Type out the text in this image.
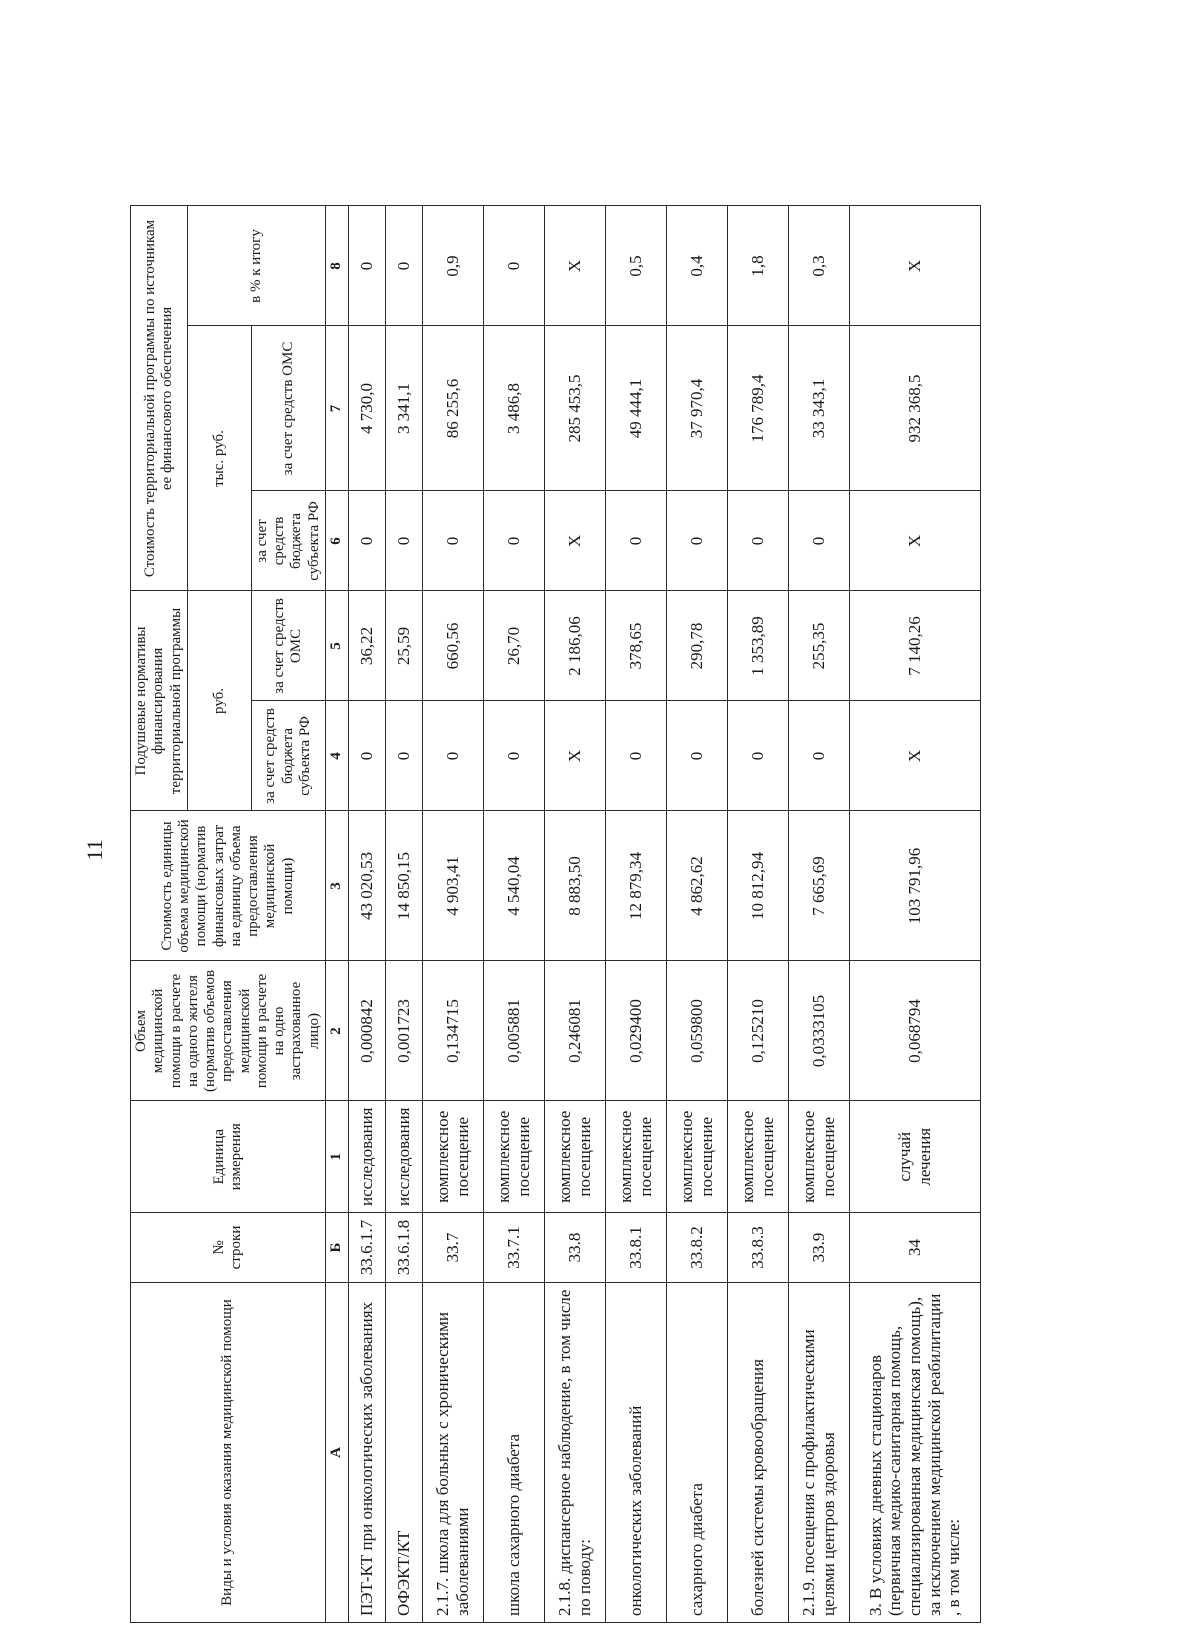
11
Виды и условия оказания медицинской помощи	№ строки	Единица измерения	Объем медицинской помощи в расчете на одного жителя (норматив объемов предоставления медицинской помощи в расчете на одно застрахованное лицо)	Стоимость единицы объема медицинской помощи (норматив финансовых затрат на единицу объема предоставления медицинской помощи)	Подушевые нормативы финансирования территориальной программы		Стоимость территориальной программы по источникам ее финансового обеспечения		
					руб.		тыс. руб.		в % к итогу
					за счет средств бюджета субъекта РФ	за счет средств ОМС	за счет средств бюджета субъекта РФ	за счет средств ОМС	
А	Б	1	2	3	4	5	6	7	8
ПЭТ-КТ при онкологических заболеваниях	33.6.1.7	исследования	0,000842	43 020,53	0	36,22	0	4 730,0	0
ОФЭКТ/КТ	33.6.1.8	исследования	0,001723	14 850,15	0	25,59	0	3 341,1	0
2.1.7. школа для больных с хроническими заболеваниями	33.7	комплексное посещение	0,134715	4 903,41	0	660,56	0	86 255,6	0,9
школа сахарного диабета	33.7.1	комплексное посещение	0,005881	4 540,04	0	26,70	0	3 486,8	0
2.1.8. диспансерное наблюдение, в том числе по поводу:	33.8	комплексное посещение	0,246081	8 883,50	Х	2 186,06	Х	285 453,5	Х
онкологических заболеваний	33.8.1	комплексное посещение	0,029400	12 879,34	0	378,65	0	49 444,1	0,5
сахарного диабета	33.8.2	комплексное посещение	0,059800	4 862,62	0	290,78	0	37 970,4	0,4
болезней системы кровообращения	33.8.3	комплексное посещение	0,125210	10 812,94	0	1 353,89	0	176 789,4	1,8
2.1.9. посещения с профилактическими целями центров здоровья	33.9	комплексное посещение	0,0333105	7 665,69	0	255,35	0	33 343,1	0,3
3. В условиях дневных стационаров (первичная медико-санитарная помощь, специализированная медицинская помощь), за исключением медицинской реабилитации , в том числе:	34	случай лечения	0,068794	103 791,96	Х	7 140,26	Х	932 368,5	Х
